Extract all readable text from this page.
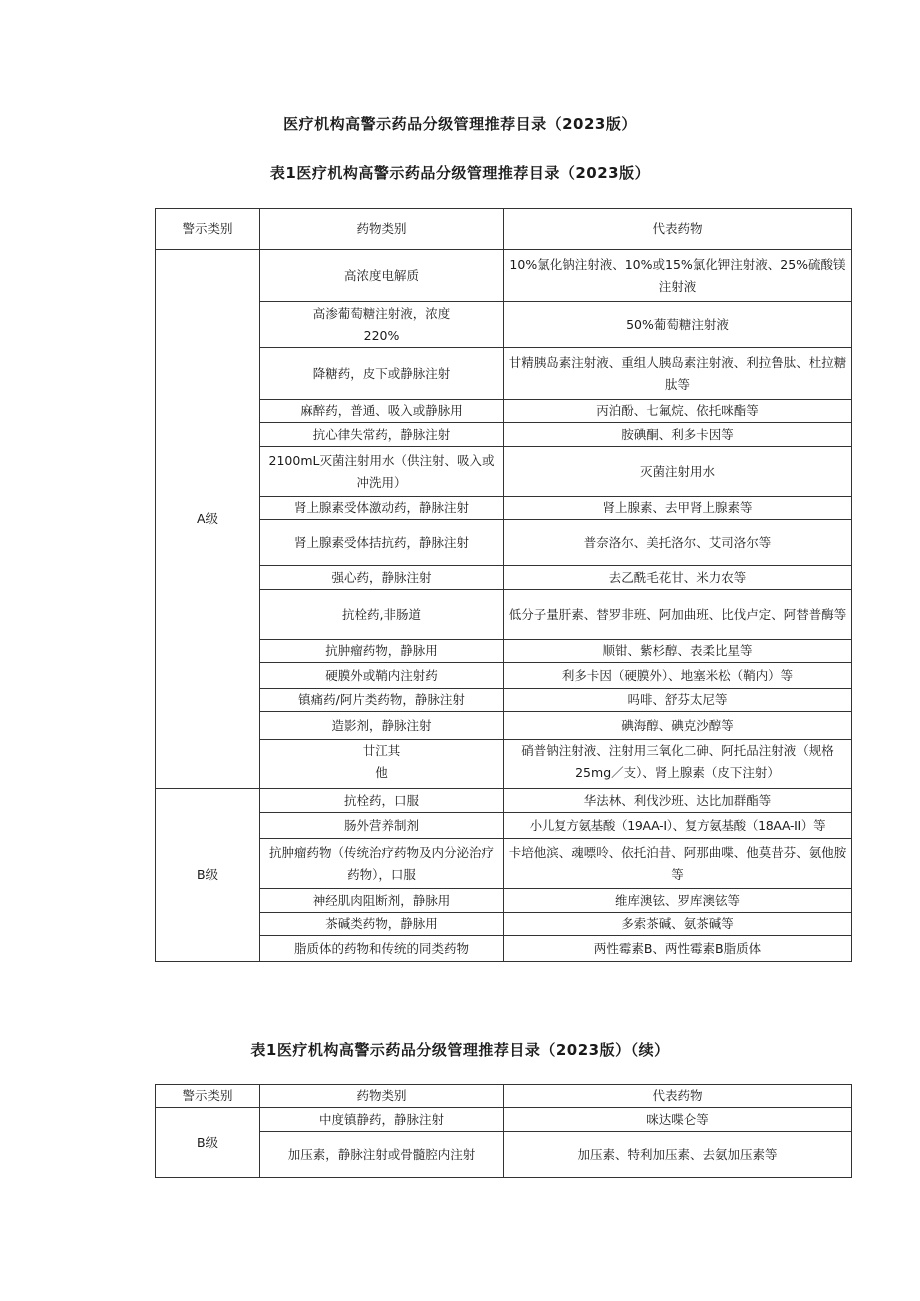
医疗机构高警示药品分级管理推荐目录（2023版）
表1医疗机构高警示药品分级管理推荐目录（2023版）
警示类别	药物类别	代表药物
A级	高浓度电解质	10%氯化钠注射液、10%或15%氯化钾注射液、25%硫酸镁注射液
	高渗葡萄糖注射液，浓度220%	50%葡萄糖注射液
	降糖药，皮下或静脉注射	甘精胰岛素注射液、重组人胰岛素注射液、利拉鲁肽、杜拉糖肽等
	麻醉药，普通、吸入或静脉用	丙泊酚、七氟烷、依托咪酯等
	抗心律失常药，静脉注射	胺碘酮、利多卡因等
	2100mL灭菌注射用水（供注射、吸入或冲洗用）	灭菌注射用水
	肾上腺素受体激动药，静脉注射	肾上腺素、去甲肾上腺素等
	肾上腺素受体拮抗药，静脉注射	普奈洛尔、美托洛尔、艾司洛尔等
	强心药，静脉注射	去乙酰毛花甘、米力农等
	抗栓药,非肠道	低分子量肝素、替罗非班、阿加曲班、比伐卢定、阿替普酶等
	抗肿瘤药物，静脉用	顺钳、紫杉醇、表柔比星等
	硬膜外或鞘内注射药	利多卡因（硬膜外）、地塞米松（鞘内）等
	镇痛药/阿片类药物，静脉注射	吗啡、舒芬太尼等
	造影剂，静脉注射	碘海醇、碘克沙醇等

	廿江其他	硝普钠注射液、注射用三氧化二砷、阿托品注射液（规格25mg／支）、肾上腺素（皮下注射）

B级	抗栓药，口服	华法林、利伐沙班、达比加群酯等
	肠外营养制剂	小儿复方氨基酸（19AA-I）、复方氨基酸（18AA-II）等
	抗肿瘤药物（传统治疗药物及内分泌治疗药物），口服	卡培他滨、魂嘌呤、依托泊昔、阿那曲喋、他莫昔芬、氨他胺等
	神经肌肉阻断剂，静脉用	维库澳铉、罗库澳铉等
	茶碱类药物，静脉用	多索茶碱、氨茶碱等
	脂质体的药物和传统的同类药物	两性霉素B、两性霉素B脂质体
表1医疗机构高警示药品分级管理推荐目录（2023版）（续）
警示类别	药物类别	代表药物
B级	中度镇静药，静脉注射	咪达喋仑等
	加压素，静脉注射或骨髓腔内注射	加压素、特利加压素、去氨加压素等
